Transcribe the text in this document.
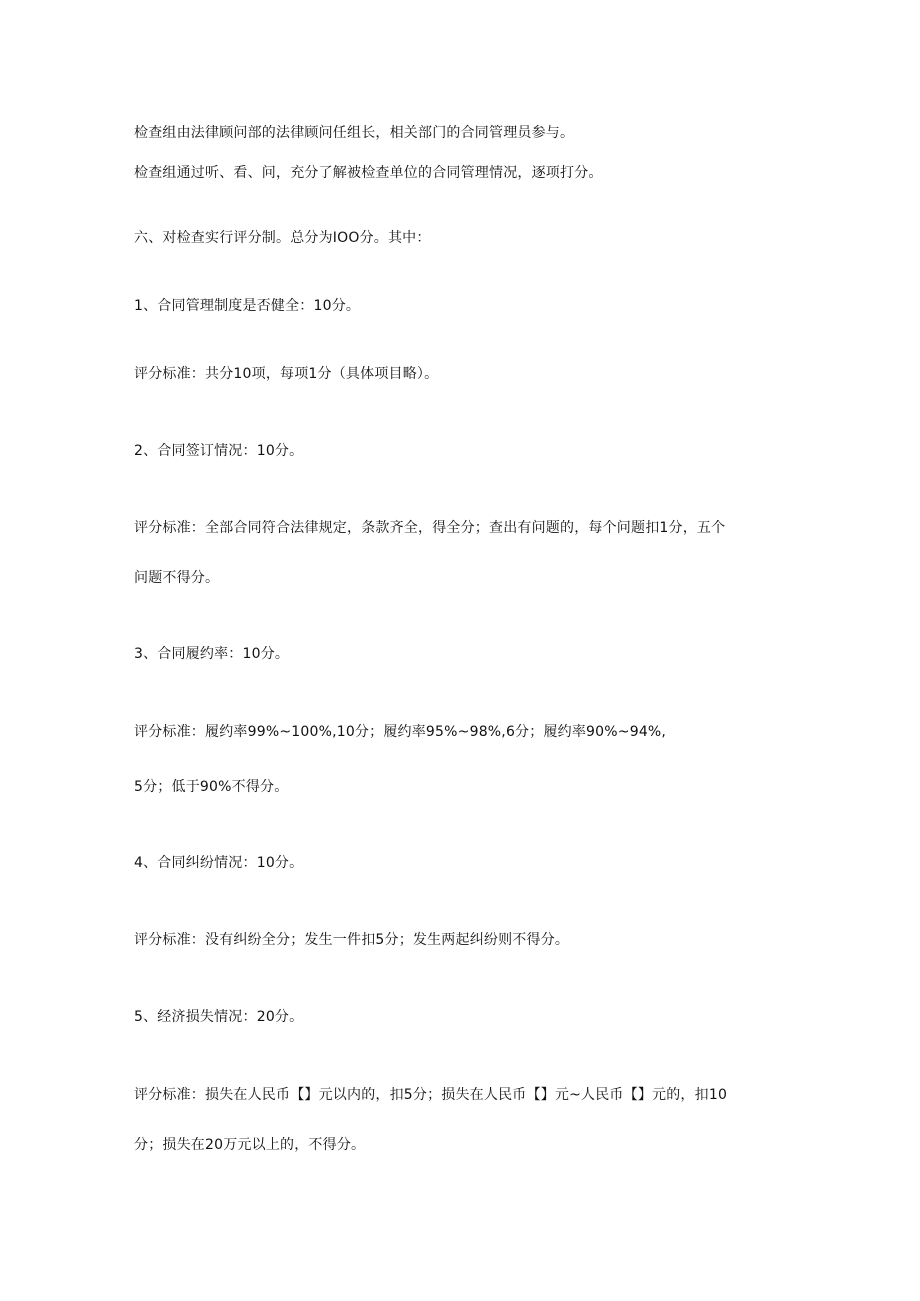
检查组由法律顾问部的法律顾问任组长，相关部门的合同管理员参与。
检查组通过听、看、问，充分了解被检查单位的合同管理情况，逐项打分。
六、对检查实行评分制。总分为IOO分。其中：
1、合同管理制度是否健全：10分。
评分标准：共分10项，每项1分（具体项目略）。
2、合同签订情况：10分。
评分标准：全部合同符合法律规定，条款齐全，得全分；查出有问题的，每个问题扣1分，五个
问题不得分。
3、合同履约率：10分。
评分标准：履约率99%~100%,10分；履约率95%~98%,6分；履约率90%~94%,
5分；低于90%不得分。
4、合同纠纷情况：10分。
评分标准：没有纠纷全分；发生一件扣5分；发生两起纠纷则不得分。
5、经济损失情况：20分。
评分标准：损失在人民币【】元以内的，扣5分；损失在人民币【】元~人民币【】元的，扣10
分；损失在20万元以上的，不得分。
